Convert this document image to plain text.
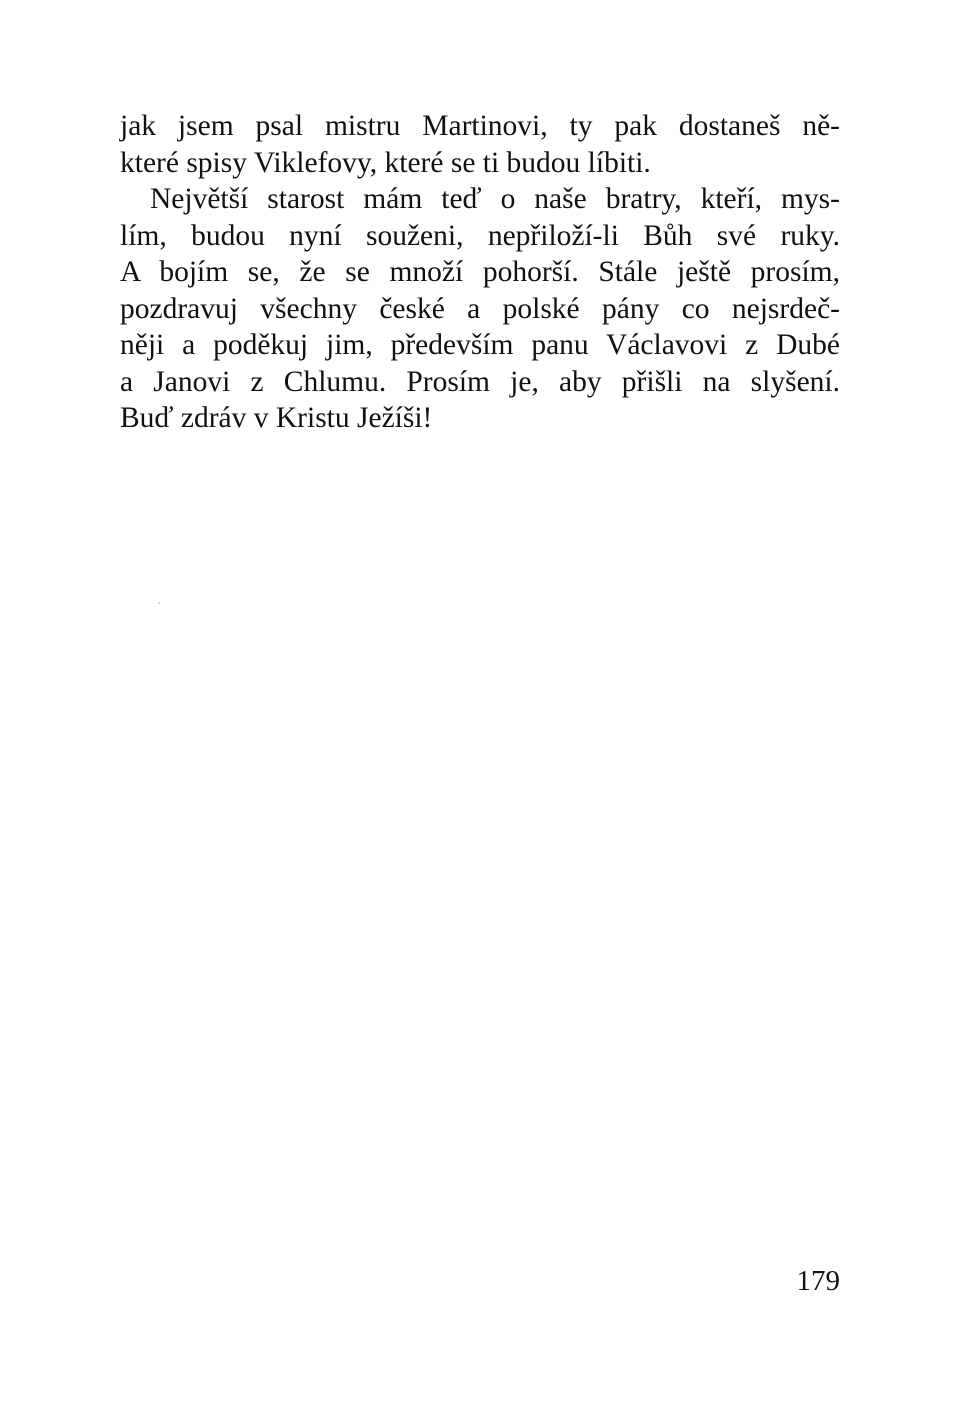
jak jsem psal mistru Martinovi, ty pak dostaneš ně-
které spisy Viklefovy, které se ti budou líbiti.
Největší starost mám teď o naše bratry, kteří, mys-
lím, budou nyní souženi, nepřiloží-li Bůh své ruky.
A bojím se, že se množí pohorší. Stále ještě prosím,
pozdravuj všechny české a polské pány co nejsrdeč-
něji a poděkuj jim, především panu Václavovi z Dubé
a Janovi z Chlumu. Prosím je, aby přišli na slyšení.
Buď zdráv v Kristu Ježíši!
179
